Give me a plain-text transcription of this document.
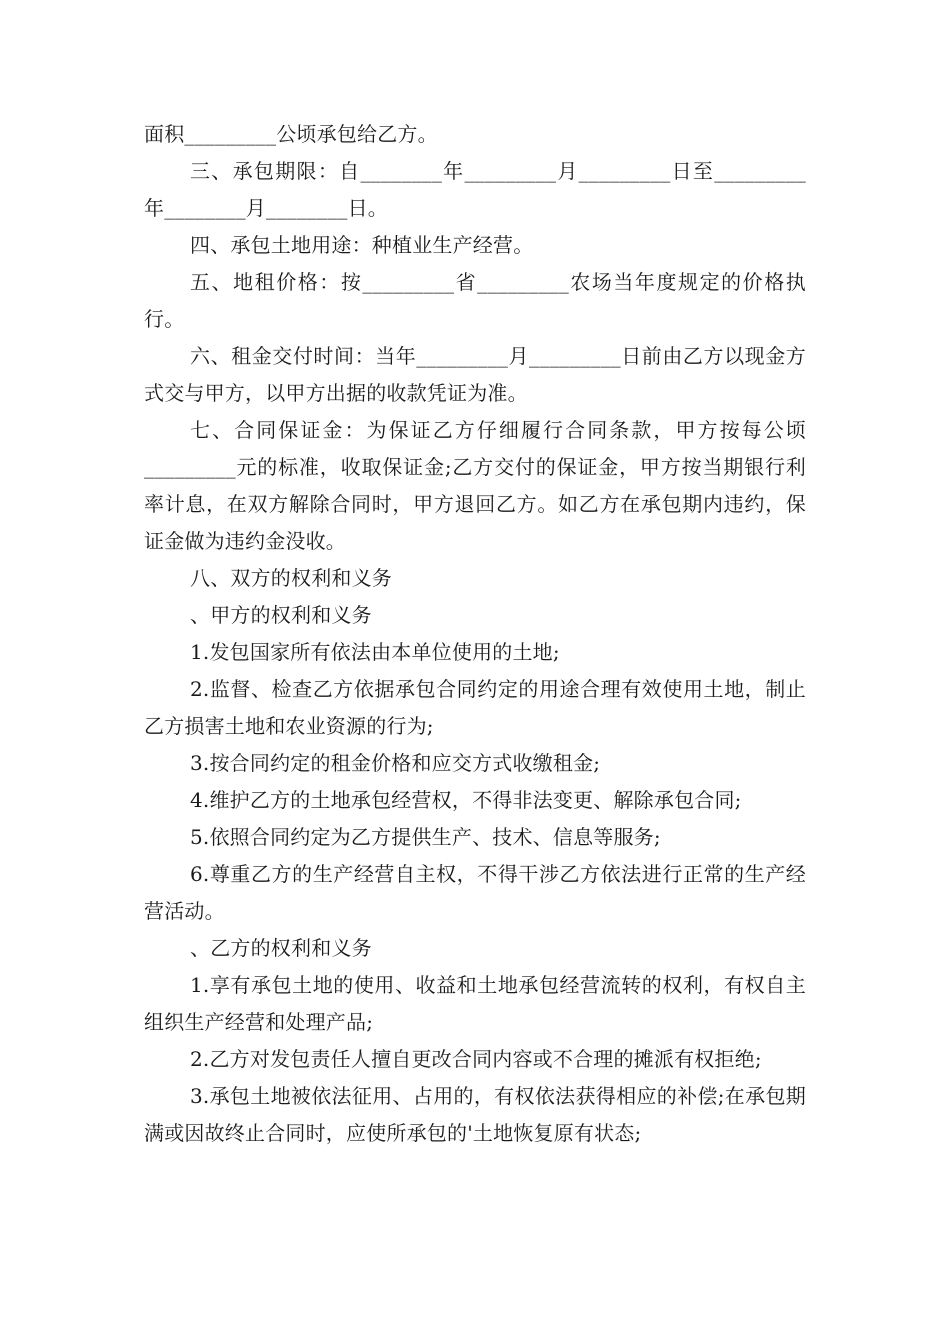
面积_________公顷承包给乙方。

三、承包期限：自________年_________月_________日至_________年________月________日。

四、承包土地用途：种植业生产经营。

五、地租价格：按_________省_________农场当年度规定的价格执行。

六、租金交付时间：当年_________月_________日前由乙方以现金方式交与甲方，以甲方出据的收款凭证为准。

七、合同保证金：为保证乙方仔细履行合同条款，甲方按每公顷_________元的标准，收取保证金;乙方交付的保证金，甲方按当期银行利率计息，在双方解除合同时，甲方退回乙方。如乙方在承包期内违约，保证金做为违约金没收。

八、双方的权利和义务

、甲方的权利和义务

1.发包国家所有依法由本单位使用的土地;

2.监督、检查乙方依据承包合同约定的用途合理有效使用土地，制止乙方损害土地和农业资源的行为;

3.按合同约定的租金价格和应交方式收缴租金;

4.维护乙方的土地承包经营权，不得非法变更、解除承包合同;

5.依照合同约定为乙方提供生产、技术、信息等服务;

6.尊重乙方的生产经营自主权，不得干涉乙方依法进行正常的生产经营活动。

、乙方的权利和义务

1.享有承包土地的使用、收益和土地承包经营流转的权利，有权自主组织生产经营和处理产品;

2.乙方对发包责任人擅自更改合同内容或不合理的摊派有权拒绝;

3.承包土地被依法征用、占用的，有权依法获得相应的补偿;在承包期满或因故终止合同时，应使所承包的'土地恢复原有状态;
